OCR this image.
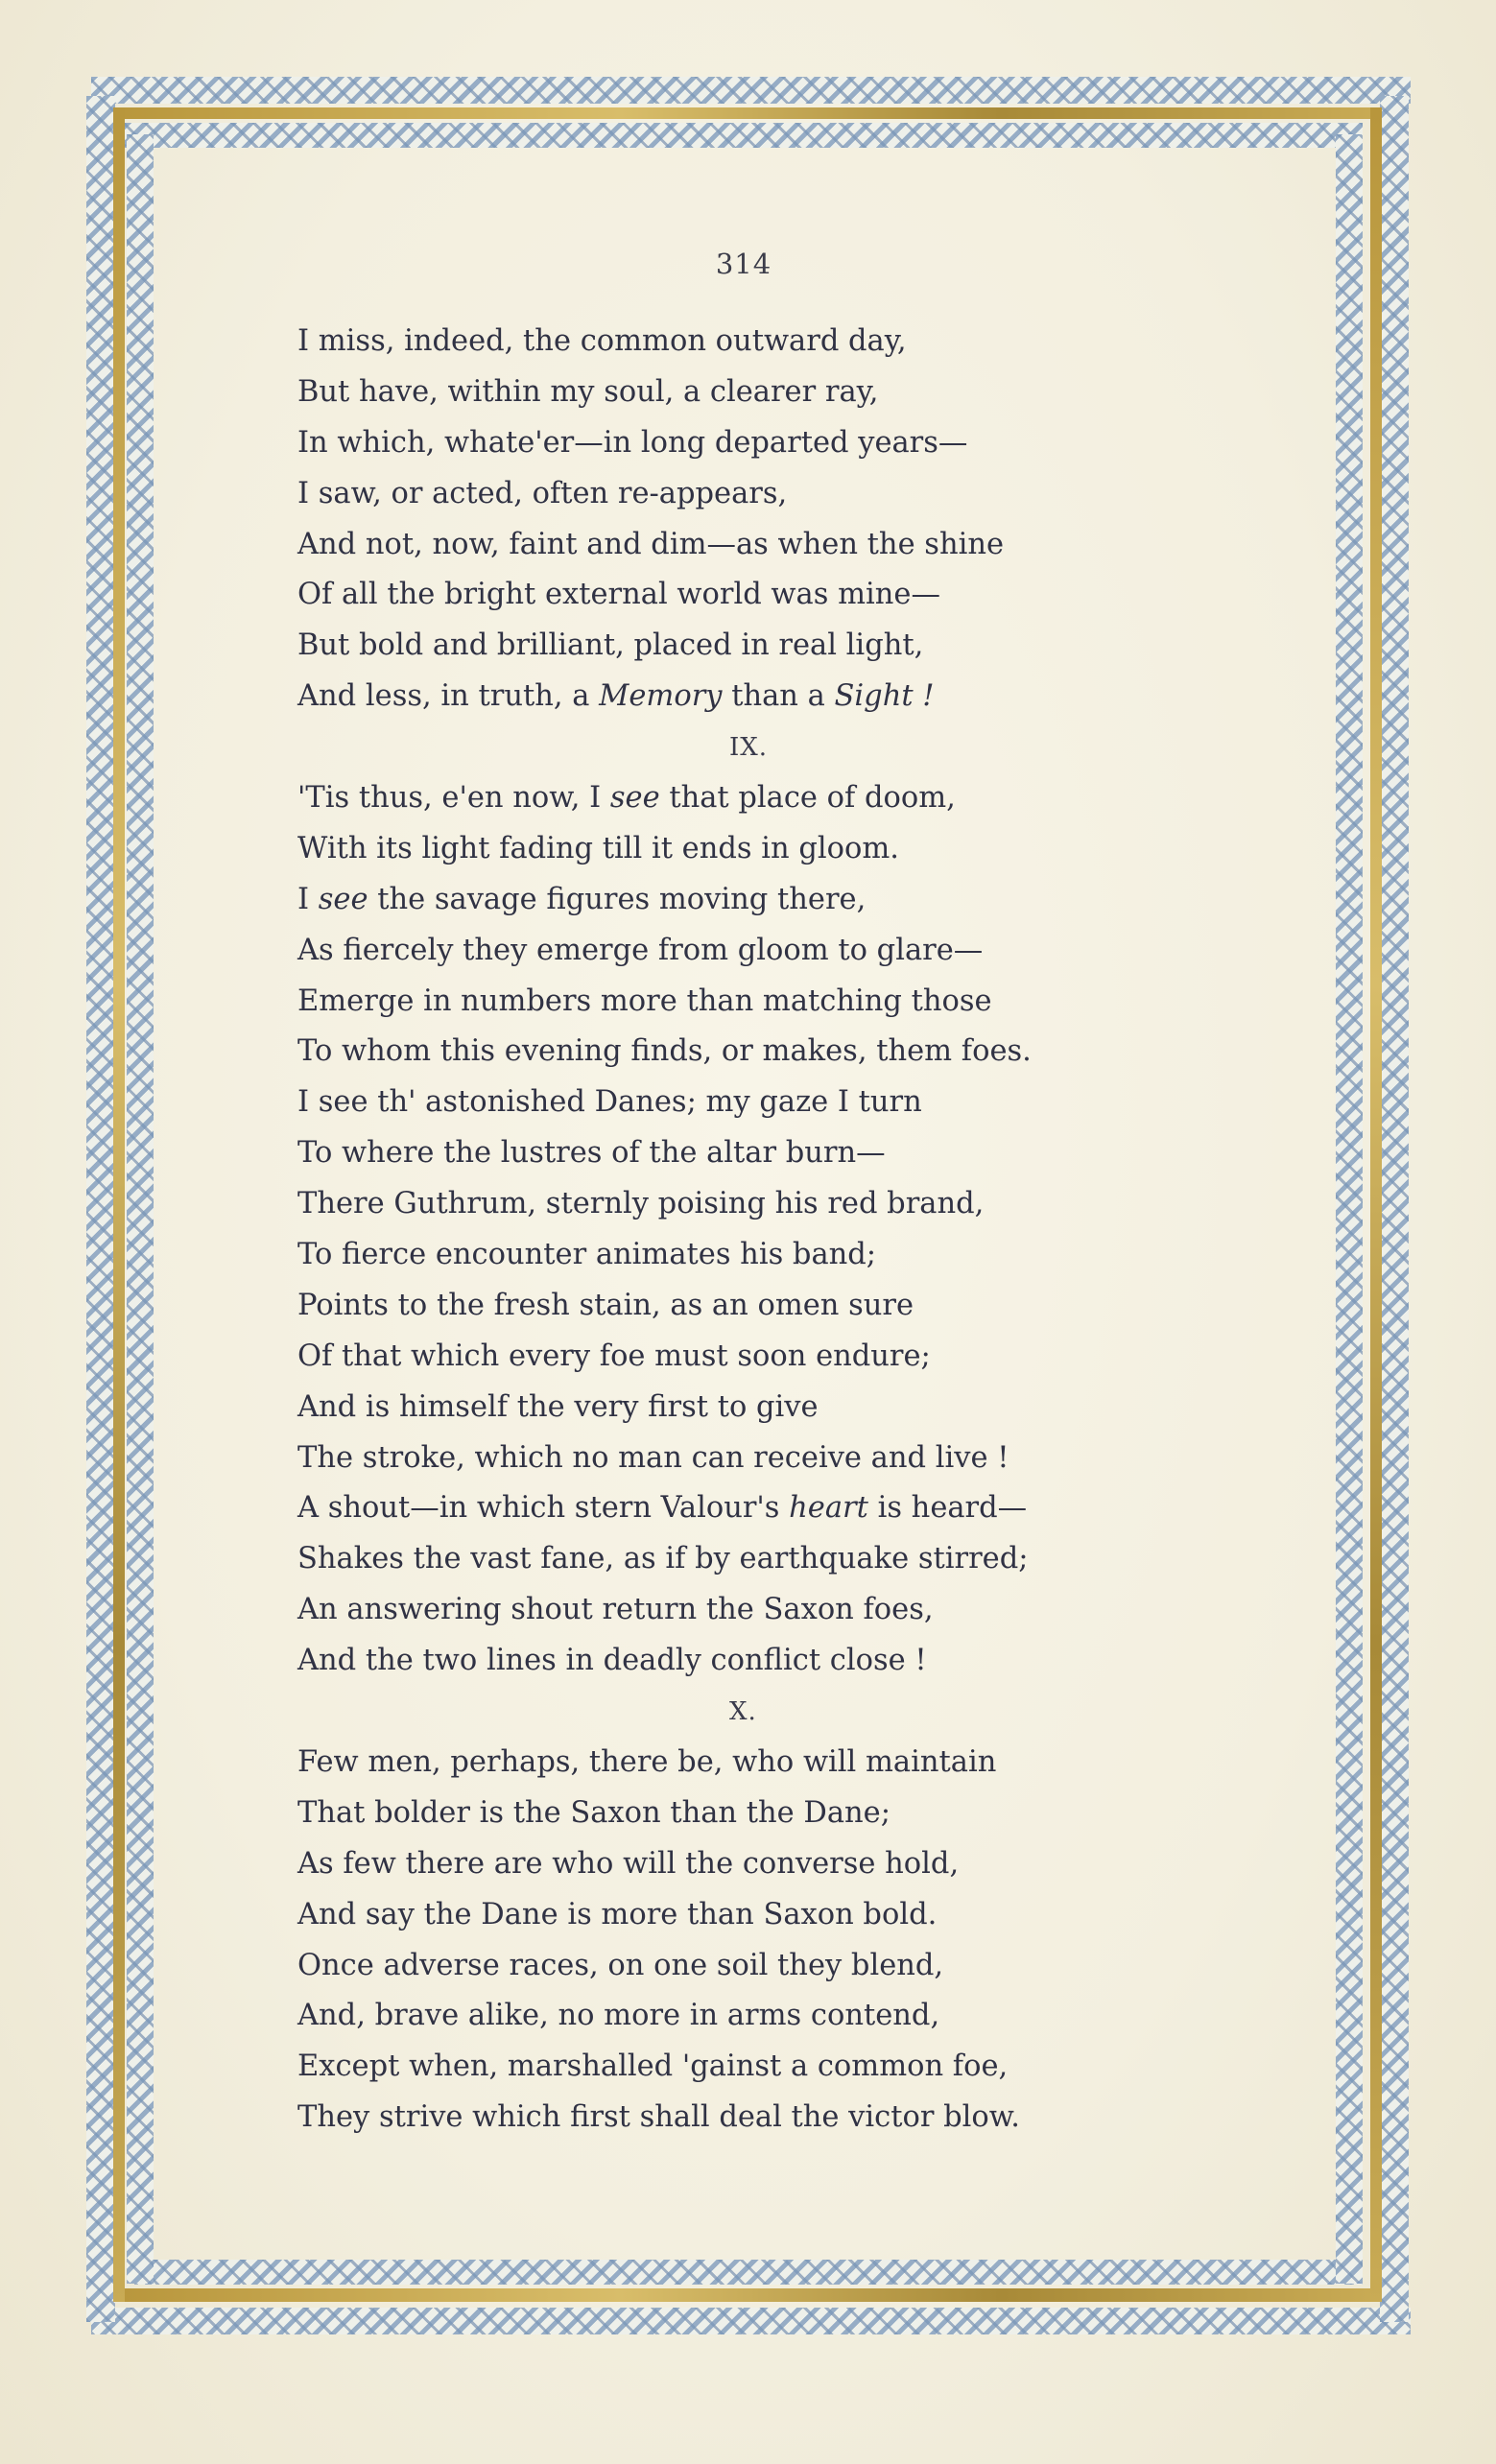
314
I miss, indeed, the common outward day,
But have, within my soul, a clearer ray,
In which, whate'er—in long departed years—
I saw, or acted, often re-appears,
And not, now, faint and dim—as when the shine
Of all the bright external world was mine—
But bold and brilliant, placed in real light,
And less, in truth, a Memory than a Sight !
IX.
'Tis thus, e'en now, I see that place of doom,
With its light fading till it ends in gloom.
I see the savage figures moving there,
As fiercely they emerge from gloom to glare—
Emerge in numbers more than matching those
To whom this evening finds, or makes, them foes.
I see th' astonished Danes; my gaze I turn
To where the lustres of the altar burn—
There Guthrum, sternly poising his red brand,
To fierce encounter animates his band;
Points to the fresh stain, as an omen sure
Of that which every foe must soon endure;
And is himself the very first to give
The stroke, which no man can receive and live !
A shout—in which stern Valour's heart is heard—
Shakes the vast fane, as if by earthquake stirred;
An answering shout return the Saxon foes,
And the two lines in deadly conflict close !
X.
Few men, perhaps, there be, who will maintain
That bolder is the Saxon than the Dane;
As few there are who will the converse hold,
And say the Dane is more than Saxon bold.
Once adverse races, on one soil they blend,
And, brave alike, no more in arms contend,
Except when, marshalled 'gainst a common foe,
They strive which first shall deal the victor blow.
